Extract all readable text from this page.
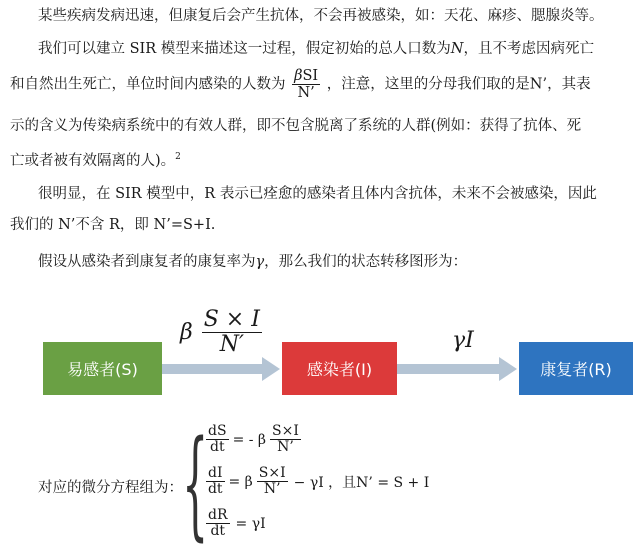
某些疾病发病迅速，但康复后会产生抗体，不会再被感染，如：天花、麻疹、腮腺炎等。
我们可以建立 SIR 模型来描述这一过程，假定初始的总人口数为N，且不考虑因病死亡
和自然出生死亡，单位时间内感染的人数为 $\frac{\text{βSI}}{N’}$ ，注意，这里的分母我们取的是N’，其表
示的含义为传染病系统中的有效人群，即不包含脱离了系统的人群(例如：获得了抗体、死
亡或者被有效隔离的人)。$^2$
很明显，在 SIR 模型中，R 表示已痊愈的感染者且体内含抗体，未来不会被感染，因此
我们的 N’不含 R，即 N’=S+I.
假设从感染者到康复者的康复率为γ，那么我们的状态转移图形为：
β $\frac{S \times I}{N'}$	γI
易感者(S)	感染者(I)	康复者(R)
对应的微分方程组为： {
$\frac{dS}{dt}$ = - β $\frac{S\times I}{N’}$
$\frac{dI}{dt} = \beta \frac{S\times I}{N’} - \gamma I$ ，且N’ = S + I
$\frac{dR}{dt} = \gamma I$
